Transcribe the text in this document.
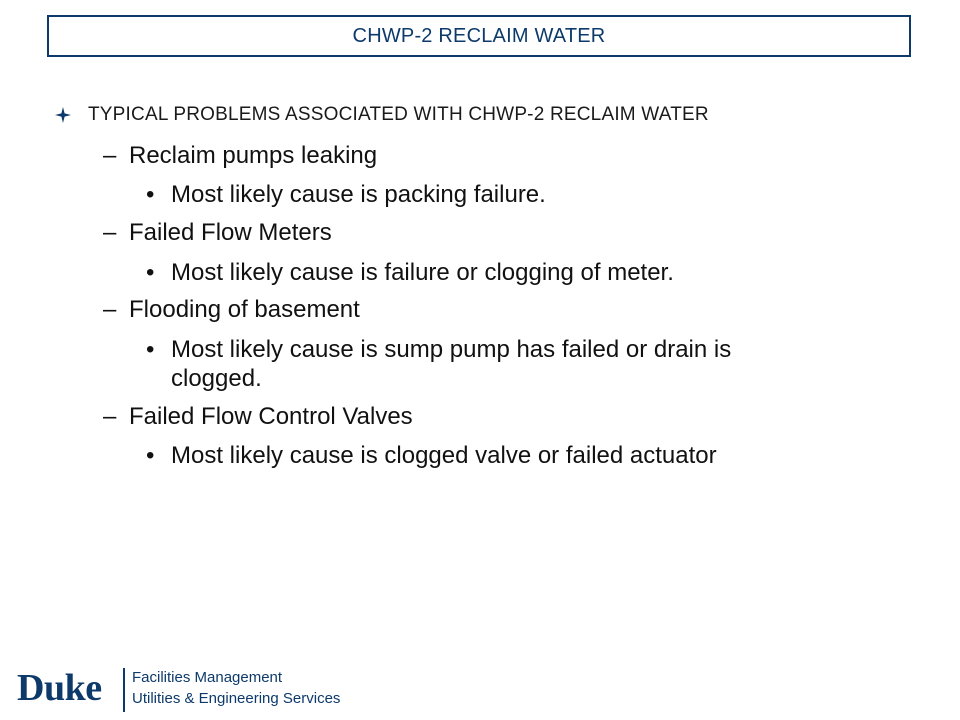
CHWP-2 RECLAIM WATER
TYPICAL PROBLEMS ASSOCIATED WITH CHWP-2 RECLAIM WATER
– Reclaim pumps leaking
• Most likely cause is packing failure.
– Failed Flow Meters
• Most likely cause is failure or clogging of meter.
– Flooding of basement
• Most likely cause is sump pump has failed or drain is clogged.
– Failed Flow Control Valves
• Most likely cause is clogged valve or failed actuator
Duke Facilities Management
Utilities & Engineering Services
